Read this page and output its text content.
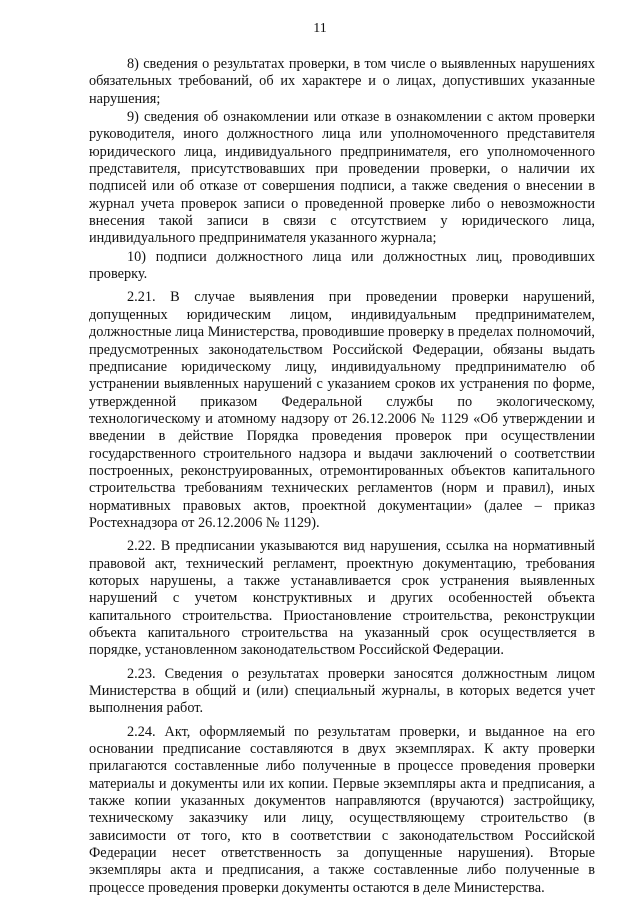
11

8) сведения о результатах проверки, в том числе о выявленных нарушениях обязательных требований, об их характере и о лицах, допустивших указанные нарушения;

9) сведения об ознакомлении или отказе в ознакомлении с актом проверки руководителя, иного должностного лица или уполномоченного представителя юридического лица, индивидуального предпринимателя, его уполномоченного представителя, присутствовавших при проведении проверки, о наличии их подписей или об отказе от совершения подписи, а также сведения о внесении в журнал учета проверок записи о проведенной проверке либо о невозможности внесения такой записи в связи с отсутствием у юридического лица, индивидуального предпринимателя указанного журнала;

10) подписи должностного лица или должностных лиц, проводивших проверку.

2.21. В случае выявления при проведении проверки нарушений, допущенных юридическим лицом, индивидуальным предпринимателем, должностные лица Министерства, проводившие проверку в пределах полномочий, предусмотренных законодательством Российской Федерации, обязаны выдать предписание юридическому лицу, индивидуальному предпринимателю об устранении выявленных нарушений с указанием сроков их устранения по форме, утвержденной приказом Федеральной службы по экологическому, технологическому и атомному надзору от 26.12.2006 № 1129 «Об утверждении и введении в действие Порядка проведения проверок при осуществлении государственного строительного надзора и выдачи заключений о соответствии построенных, реконструированных, отремонтированных объектов капитального строительства требованиям технических регламентов (норм и правил), иных нормативных правовых актов, проектной документации» (далее – приказ Ростехнадзора от 26.12.2006 № 1129).

2.22. В предписании указываются вид нарушения, ссылка на нормативный правовой акт, технический регламент, проектную документацию, требования которых нарушены, а также устанавливается срок устранения выявленных нарушений с учетом конструктивных и других особенностей объекта капитального строительства. Приостановление строительства, реконструкции объекта капитального строительства на указанный срок осуществляется в порядке, установленном законодательством Российской Федерации.

2.23. Сведения о результатах проверки заносятся должностным лицом Министерства в общий и (или) специальный журналы, в которых ведется учет выполнения работ.

2.24. Акт, оформляемый по результатам проверки, и выданное на его основании предписание составляются в двух экземплярах. К акту проверки прилагаются составленные либо полученные в процессе проведения проверки материалы и документы или их копии. Первые экземпляры акта и предписания, а также копии указанных документов направляются (вручаются) застройщику, техническому заказчику или лицу, осуществляющему строительство (в зависимости от того, кто в соответствии с законодательством Российской Федерации несет ответственность за допущенные нарушения). Вторые экземпляры акта и предписания, а также составленные либо полученные в процессе проведения проверки документы остаются в деле Министерства.
